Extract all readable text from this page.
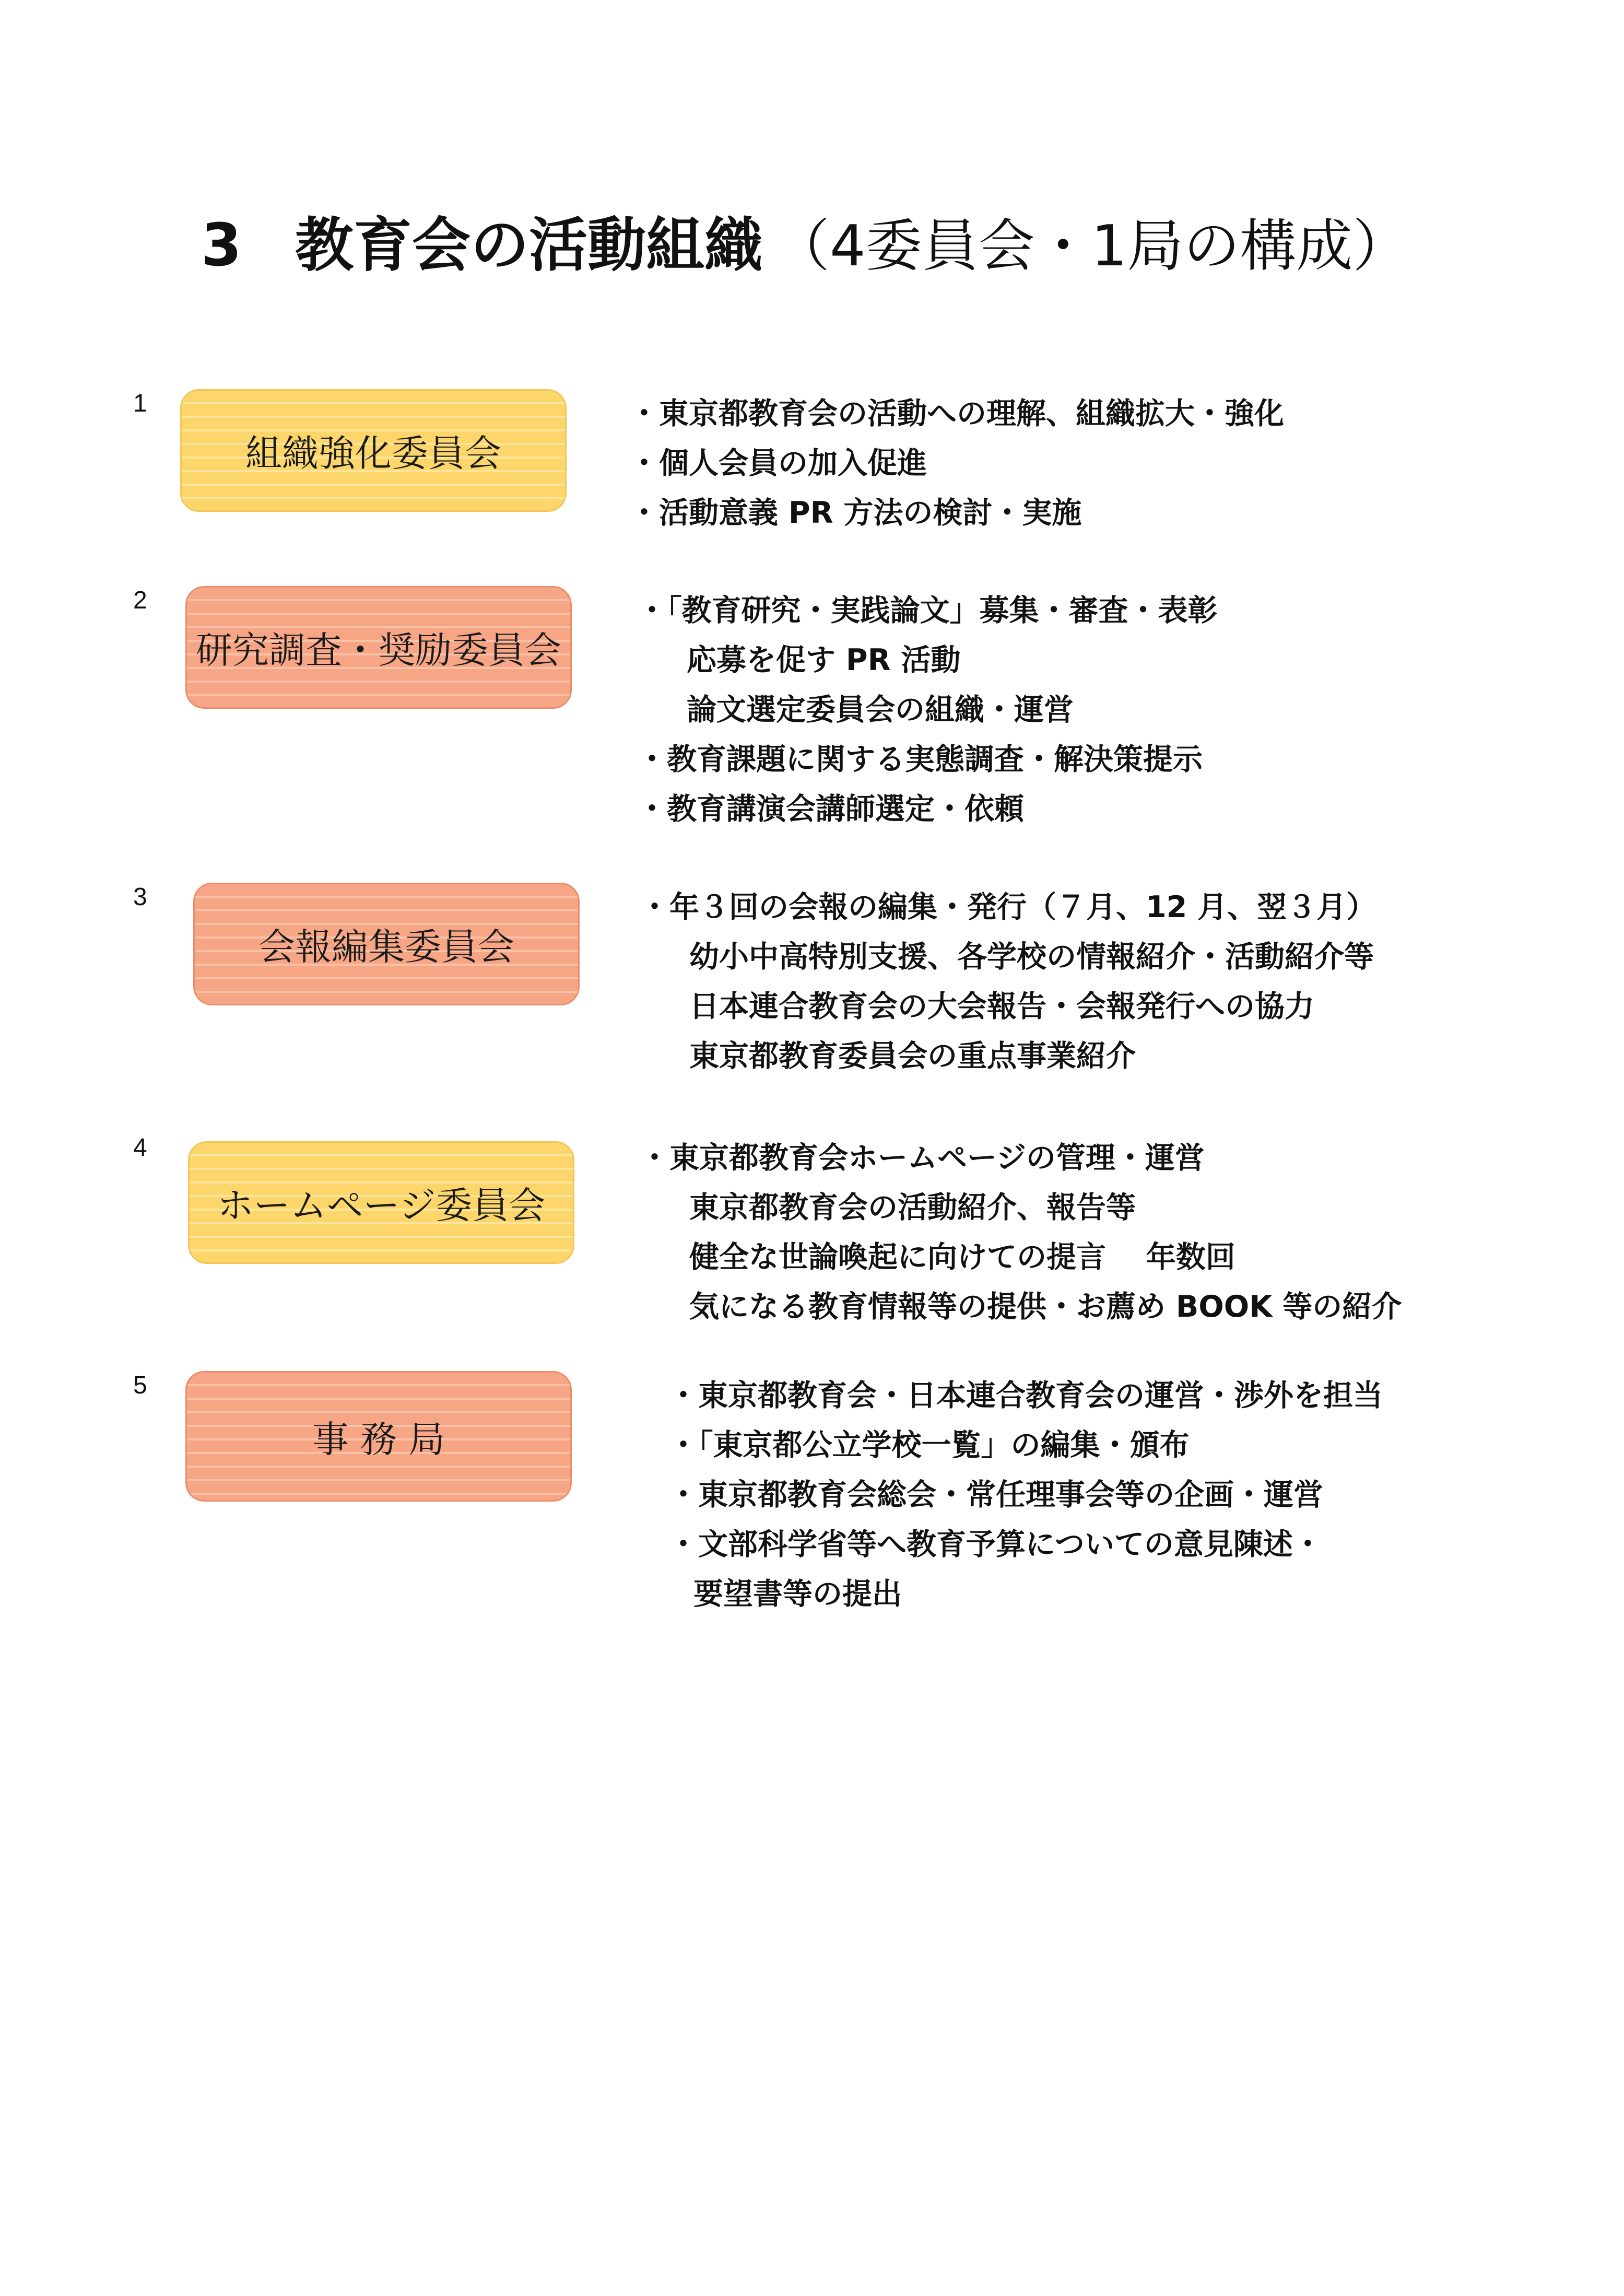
3 教育会の活動組織 （4委員会・1局の構成）
1
組織強化委員会
・東京都教育会の活動への理解、組織拡大・強化
・個人会員の加入促進
・活動意義 PR 方法の検討・実施
2
研究調査・奨励委員会
・「教育研究・実践論文」募集・審査・表彰
応募を促す PR 活動
論文選定委員会の組織・運営
・教育課題に関する実態調査・解決策提示
・教育講演会講師選定・依頼
3
会報編集委員会
・年３回の会報の編集・発行（７月、12 月、翌３月）
幼小中高特別支援、各学校の情報紹介・活動紹介等
日本連合教育会の大会報告・会報発行への協力
東京都教育委員会の重点事業紹介
4
ホームページ委員会
・東京都教育会ホームページの管理・運営
東京都教育会の活動紹介、報告等
健全な世論喚起に向けての提言　 年数回
気になる教育情報等の提供・お薦め BOOK 等の紹介
5
事 務 局
・東京都教育会・日本連合教育会の運営・渉外を担当
・「東京都公立学校一覧」の編集・頒布
・東京都教育会総会・常任理事会等の企画・運営
・文部科学省等へ教育予算についての意見陳述・
要望書等の提出
